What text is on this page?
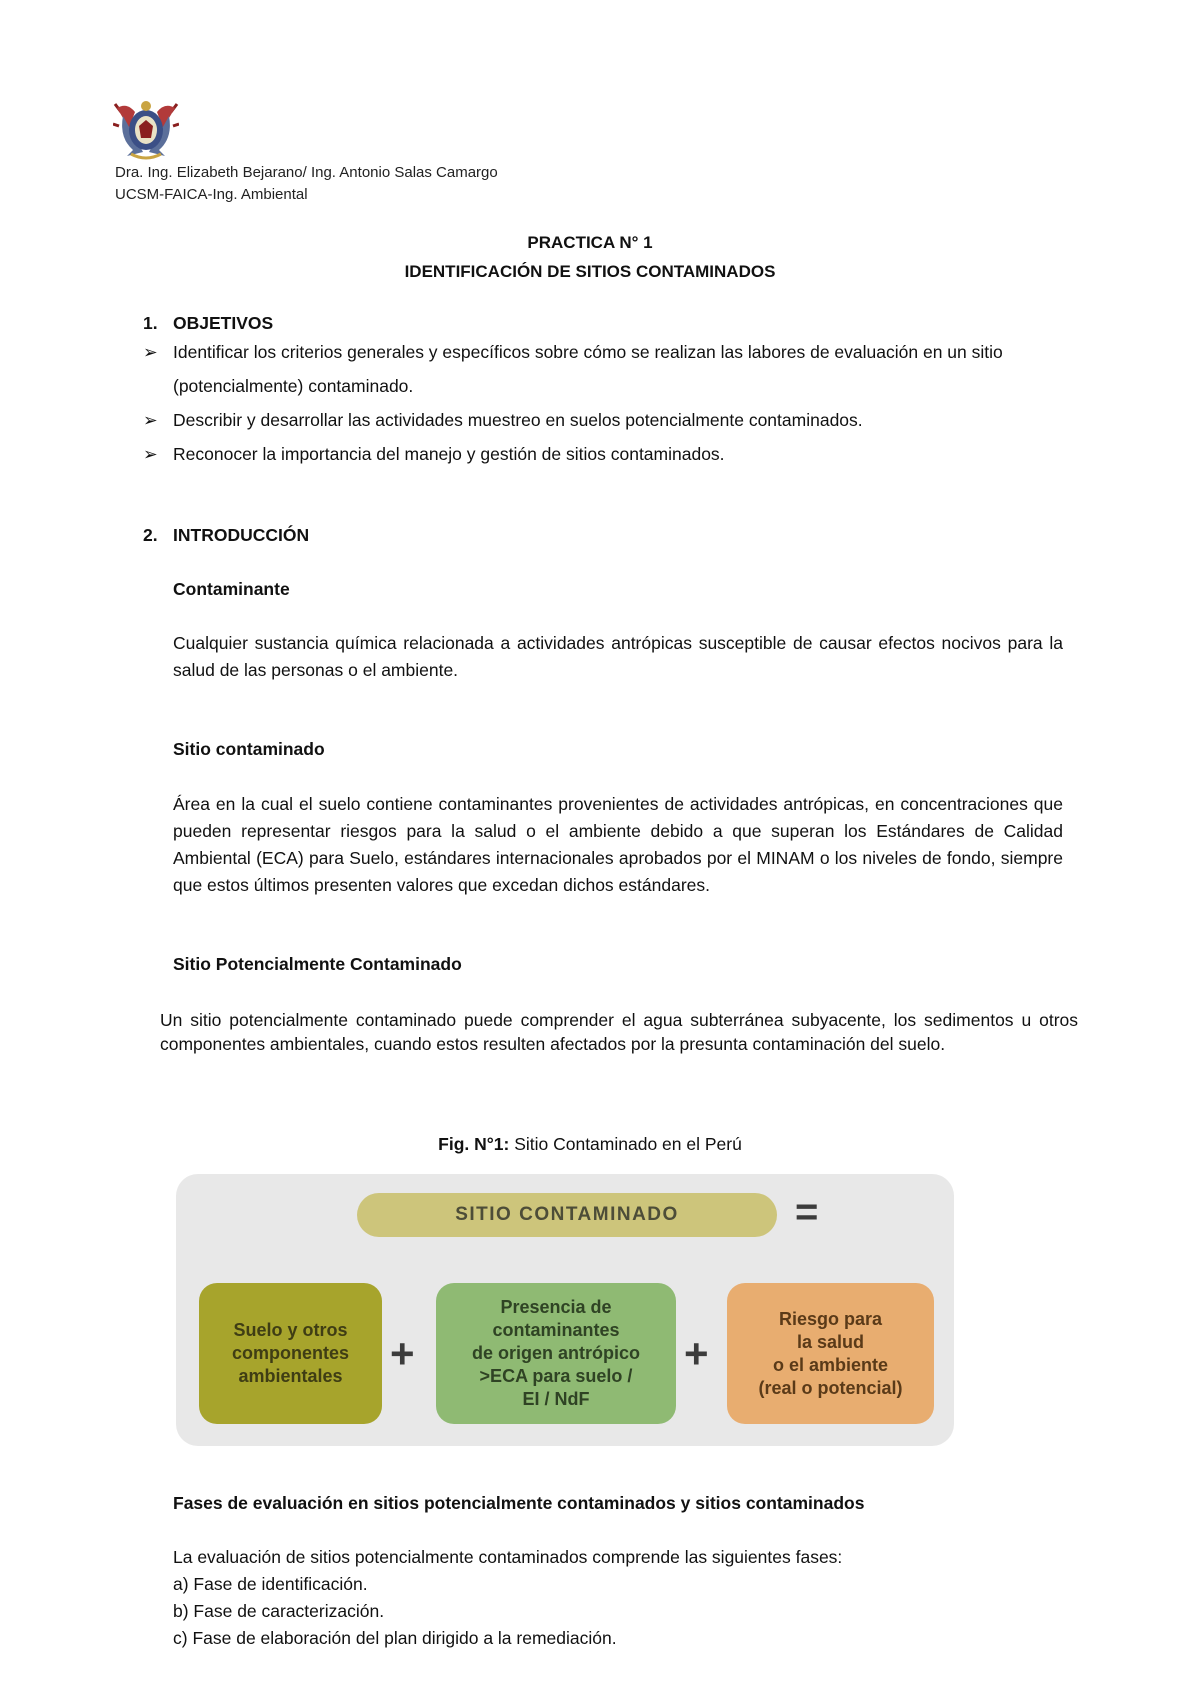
Dra. Ing. Elizabeth Bejarano/ Ing. Antonio Salas Camargo
UCSM-FAICA-Ing. Ambiental
PRACTICA N° 1
IDENTIFICACIÓN DE SITIOS CONTAMINADOS
1. OBJETIVOS
➢ Identificar los criterios generales y específicos sobre cómo se realizan las labores de evaluación en un sitio (potencialmente) contaminado.
➢ Describir y desarrollar las actividades muestreo en suelos potencialmente contaminados.
➢ Reconocer la importancia del manejo y gestión de sitios contaminados.
2. INTRODUCCIÓN
Contaminante
Cualquier sustancia química relacionada a actividades antrópicas susceptible de causar efectos nocivos para la salud de las personas o el ambiente.
Sitio contaminado
Área en la cual el suelo contiene contaminantes provenientes de actividades antrópicas, en concentraciones que pueden representar riesgos para la salud o el ambiente debido a que superan los Estándares de Calidad Ambiental (ECA) para Suelo, estándares internacionales aprobados por el MINAM o los niveles de fondo, siempre que estos últimos presenten valores que excedan dichos estándares.
Sitio Potencialmente Contaminado
Un sitio potencialmente contaminado puede comprender el agua subterránea subyacente, los sedimentos u otros componentes ambientales, cuando estos resulten afectados por la presunta contaminación del suelo.
Fig. N°1: Sitio Contaminado en el Perú
SITIO CONTAMINADO	=
Suelo y otros
componentes
ambientales +
Presencia de
contaminantes
de origen antrópico
>ECA para suelo /
EI / NdF
+
Riesgo para
la salud
o el ambiente
(real o potencial)
Fases de evaluación en sitios potencialmente contaminados y sitios contaminados
La evaluación de sitios potencialmente contaminados comprende las siguientes fases:
a) Fase de identificación.
b) Fase de caracterización.
c) Fase de elaboración del plan dirigido a la remediación.
